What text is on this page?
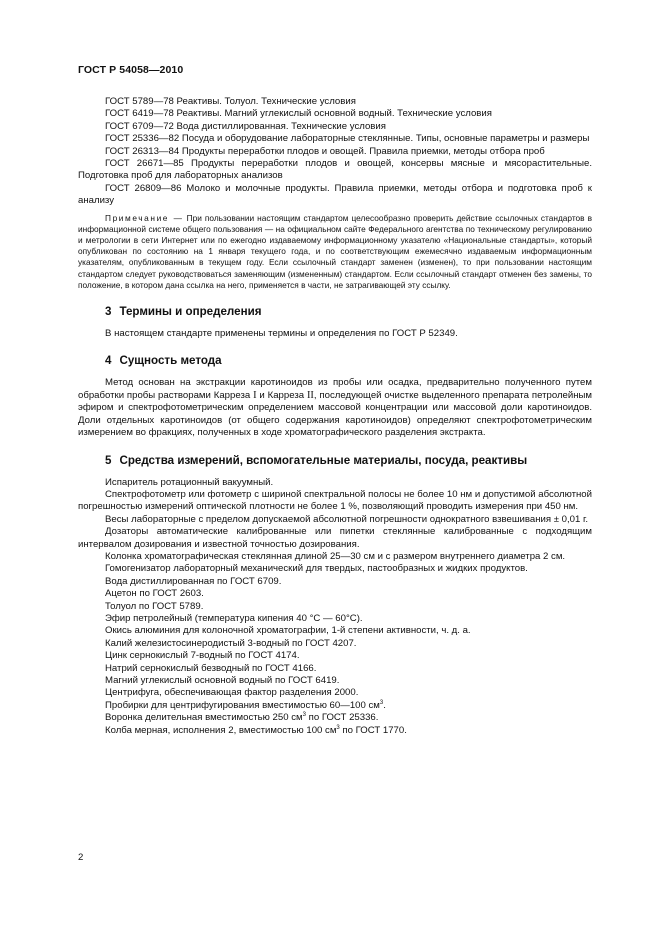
ГОСТ Р 54058—2010

ГОСТ 5789—78 Реактивы. Толуол. Технические условия

ГОСТ 6419—78 Реактивы. Магний углекислый основной водный. Технические условия

ГОСТ 6709—72 Вода дистиллированная. Технические условия

ГОСТ 25336—82 Посуда и оборудование лабораторные стеклянные. Типы, основные параметры и размеры

ГОСТ 26313—84 Продукты переработки плодов и овощей. Правила приемки, методы отбора проб

ГОСТ 26671—85 Продукты переработки плодов и овощей, консервы мясные и мясорастительные. Подготовка проб для лабораторных анализов

ГОСТ 26809—86 Молоко и молочные продукты. Правила приемки, методы отбора и подготовка проб к анализу

Примечание — При пользовании настоящим стандартом целесообразно проверить действие ссылочных стандартов в информационной системе общего пользования — на официальном сайте Федерального агентства по техническому регулированию и метрологии в сети Интернет или по ежегодно издаваемому информационному указателю «Национальные стандарты», который опубликован по состоянию на 1 января текущего года, и по соответствующим ежемесячно издаваемым информационным указателям, опубликованным в текущем году. Если ссылочный стандарт заменен (изменен), то при пользовании настоящим стандартом следует руководствоваться заменяющим (измененным) стандартом. Если ссылочный стандарт отменен без замены, то положение, в котором дана ссылка на него, применяется в части, не затрагивающей эту ссылку.

3 Термины и определения

В настоящем стандарте применены термины и определения по ГОСТ Р 52349.

4 Сущность метода

Метод основан на экстракции каротиноидов из пробы или осадка, предварительно полученного путем обработки пробы растворами Карреза I и Карреза II, последующей очистке выделенного препарата петролейным эфиром и спектрофотометрическим определением массовой концентрации или массовой доли каротиноидов. Доли отдельных каротиноидов (от общего содержания каротиноидов) определяют спектрофотометрическим измерением во фракциях, полученных в ходе хроматографического разделения экстракта.

5 Средства измерений, вспомогательные материалы, посуда, реактивы

Испаритель ротационный вакуумный.

Спектрофотометр или фотометр с шириной спектральной полосы не более 10 нм и допустимой абсолютной погрешностью измерений оптической плотности не более 1 %, позволяющий проводить измерения при 450 нм.

Весы лабораторные с пределом допускаемой абсолютной погрешности однократного взвешивания ± 0,01 г.

Дозаторы автоматические калиброванные или пипетки стеклянные калиброванные с подходящим интервалом дозирования и известной точностью дозирования.

Колонка хроматографическая стеклянная длиной 25—30 см и с размером внутреннего диаметра 2 см.

Гомогенизатор лабораторный механический для твердых, пастообразных и жидких продуктов.

Вода дистиллированная по ГОСТ 6709.

Ацетон по ГОСТ 2603.

Толуол по ГОСТ 5789.

Эфир петролейный (температура кипения 40 °С — 60°С).

Окись алюминия для колоночной хроматографии, 1-й степени активности, ч. д. а.

Калий железистосинеродистый 3-водный по ГОСТ 4207.

Цинк сернокислый 7-водный по ГОСТ 4174.

Натрий сернокислый безводный по ГОСТ 4166.

Магний углекислый основной водный по ГОСТ 6419.

Центрифуга, обеспечивающая фактор разделения 2000.

Пробирки для центрифугирования вместимостью 60—100 $см^3$.

Воронка делительная вместимостью 250 $см^3$ по ГОСТ 25336.

Колба мерная, исполнения 2, вместимостью 100 $см^3$ по ГОСТ 1770.

2
